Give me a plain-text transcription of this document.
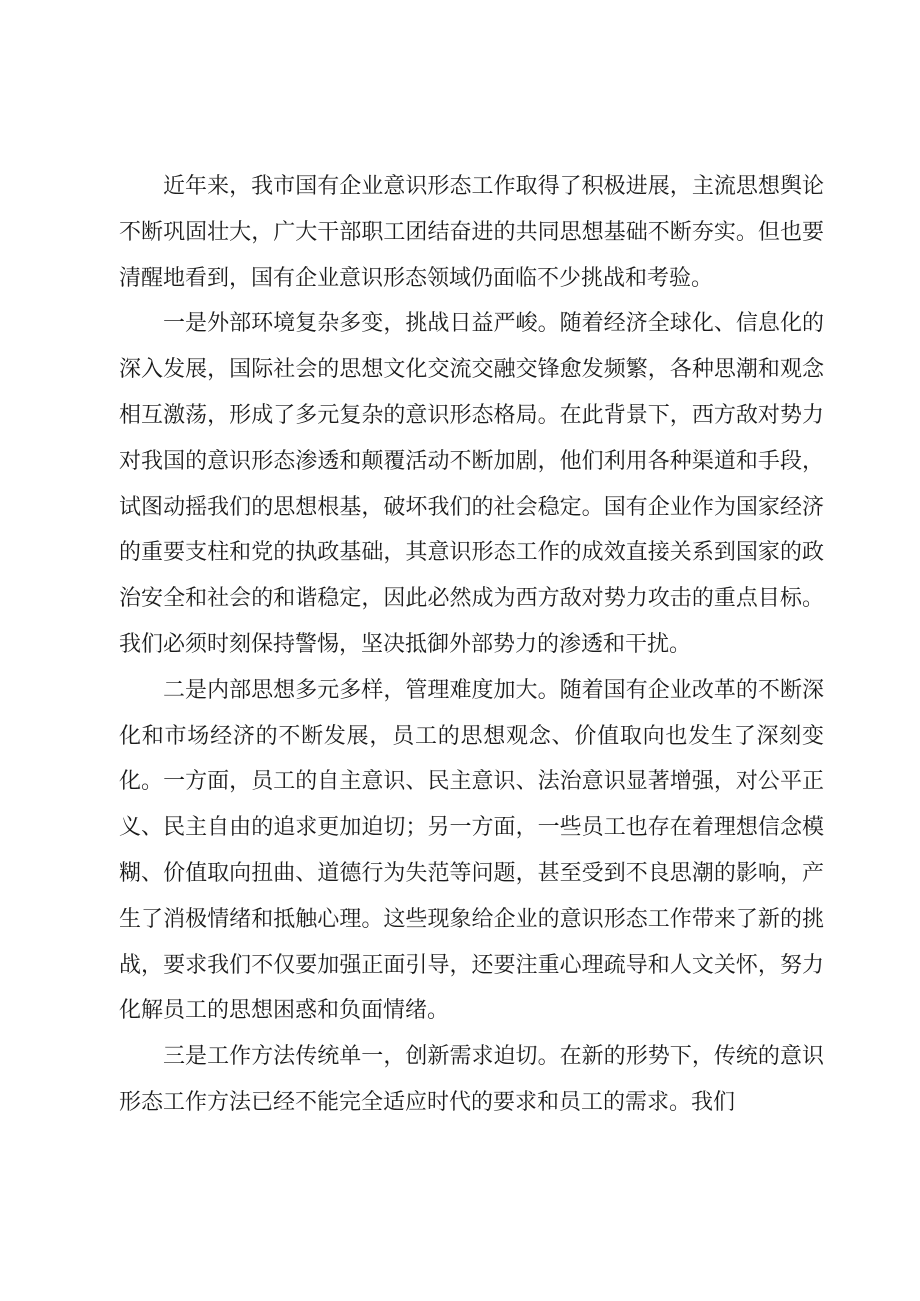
近年来，我市国有企业意识形态工作取得了积极进展，主流思想舆论不断巩固壮大，广大干部职工团结奋进的共同思想基础不断夯实。但也要清醒地看到，国有企业意识形态领域仍面临不少挑战和考验。

一是外部环境复杂多变，挑战日益严峻。随着经济全球化、信息化的深入发展，国际社会的思想文化交流交融交锋愈发频繁，各种思潮和观念相互激荡，形成了多元复杂的意识形态格局。在此背景下，西方敌对势力对我国的意识形态渗透和颠覆活动不断加剧，他们利用各种渠道和手段，试图动摇我们的思想根基，破坏我们的社会稳定。国有企业作为国家经济的重要支柱和党的执政基础，其意识形态工作的成效直接关系到国家的政治安全和社会的和谐稳定，因此必然成为西方敌对势力攻击的重点目标。我们必须时刻保持警惕，坚决抵御外部势力的渗透和干扰。

二是内部思想多元多样，管理难度加大。随着国有企业改革的不断深化和市场经济的不断发展，员工的思想观念、价值取向也发生了深刻变化。一方面，员工的自主意识、民主意识、法治意识显著增强，对公平正义、民主自由的追求更加迫切；另一方面，一些员工也存在着理想信念模糊、价值取向扭曲、道德行为失范等问题，甚至受到不良思潮的影响，产生了消极情绪和抵触心理。这些现象给企业的意识形态工作带来了新的挑战，要求我们不仅要加强正面引导，还要注重心理疏导和人文关怀，努力化解员工的思想困惑和负面情绪。

三是工作方法传统单一，创新需求迫切。在新的形势下，传统的意识形态工作方法已经不能完全适应时代的要求和员工的需求。我们
